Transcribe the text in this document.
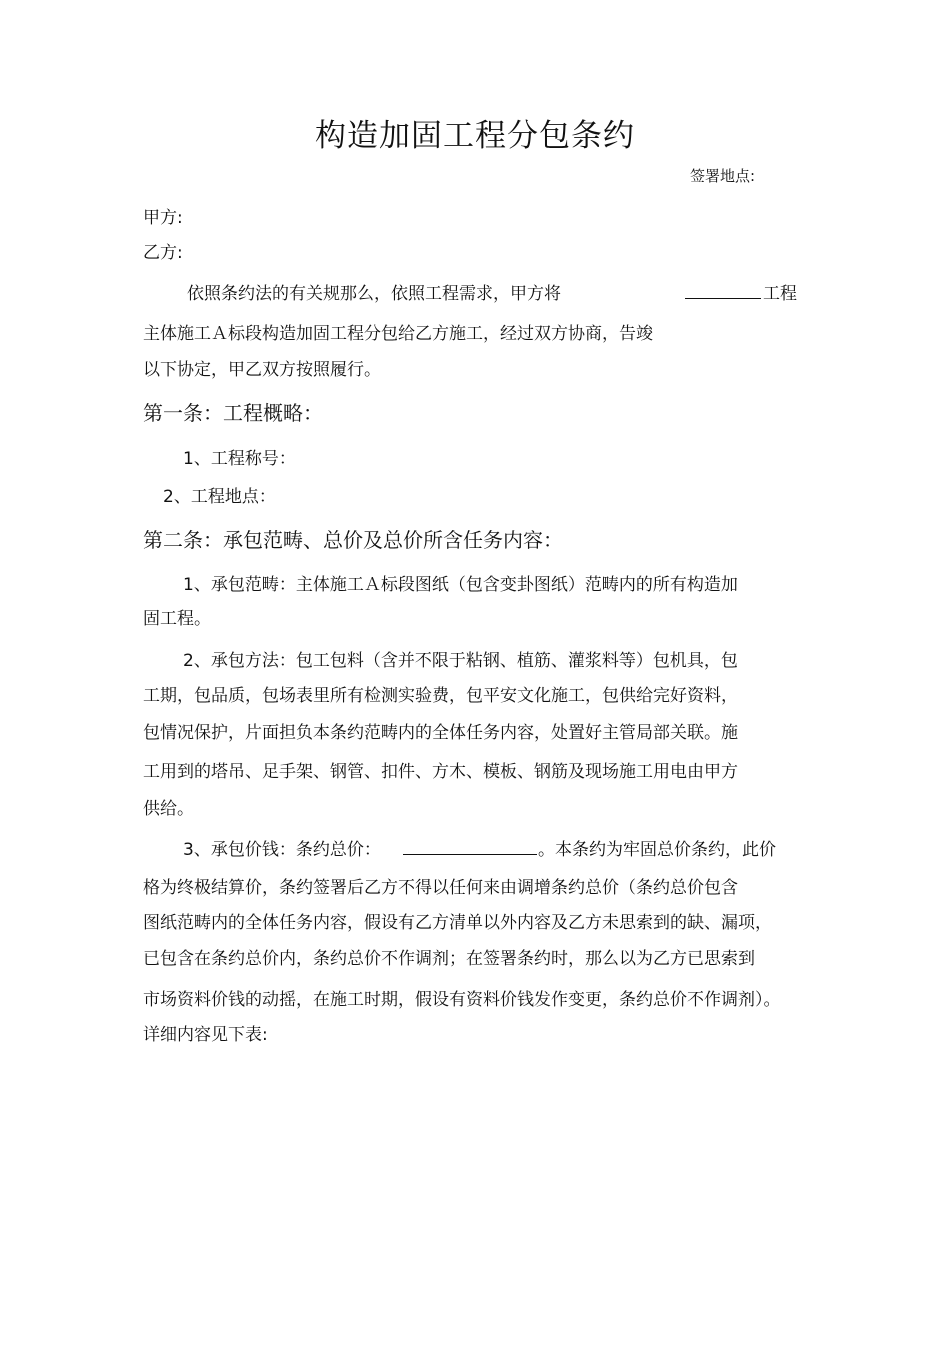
构造加固工程分包条约
签署地点:
甲方:
乙方:
依照条约法的有关规那么，依照工程需求，甲方将	工程
主体施工Ａ标段构造加固工程分包给乙方施工，经过双方协商，告竣
以下协定，甲乙双方按照履行。
第一条：工程概略：
1、工程称号：
2、工程地点：
第二条：承包范畴、总价及总价所含任务内容：
1、承包范畴：主体施工Ａ标段图纸（包含变卦图纸）范畴内的所有构造加
固工程。
2、承包方法：包工包料（含并不限于粘钢、植筋、灌浆料等）包机具，包
工期，包品质，包场表里所有检测实验费，包平安文化施工，包供给完好资料，
包情况保护，片面担负本条约范畴内的全体任务内容，处置好主管局部关联。施
工用到的塔吊、足手架、钢管、扣件、方木、模板、钢筋及现场施工用电由甲方
供给。
3、承包价钱：条约总价：	。本条约为牢固总价条约，此价
格为终极结算价，条约签署后乙方不得以任何来由调增条约总价（条约总价包含
图纸范畴内的全体任务内容，假设有乙方清单以外内容及乙方未思索到的缺、漏项，
已包含在条约总价内，条约总价不作调剂；在签署条约时，那么以为乙方已思索到
市场资料价钱的动摇，在施工时期，假设有资料价钱发作变更，条约总价不作调剂）。
详细内容见下表:
